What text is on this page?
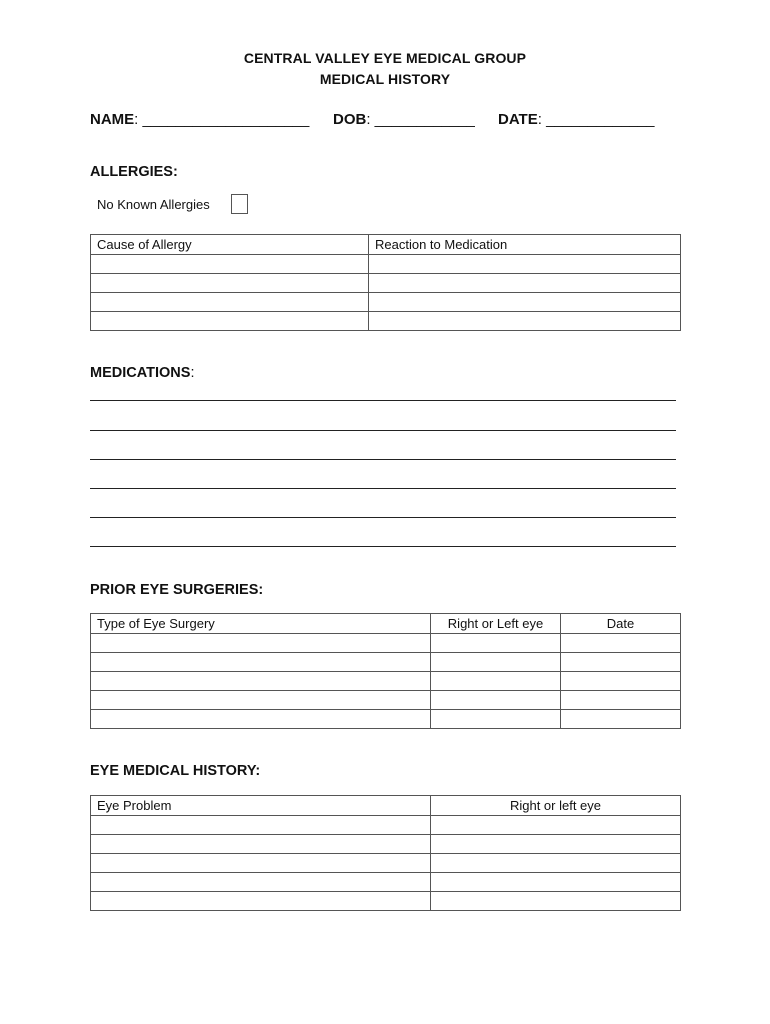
CENTRAL VALLEY EYE MEDICAL GROUP
MEDICAL HISTORY
NAME: ____________________ DOB: ____________ DATE: _____________
ALLERGIES:
No Known Allergies
Cause of Allergy	Reaction to Medication

MEDICATIONS:
PRIOR EYE SURGERIES:
Type of Eye Surgery	Right or Left eye	Date

EYE MEDICAL HISTORY:
Eye Problem	Right or left eye
